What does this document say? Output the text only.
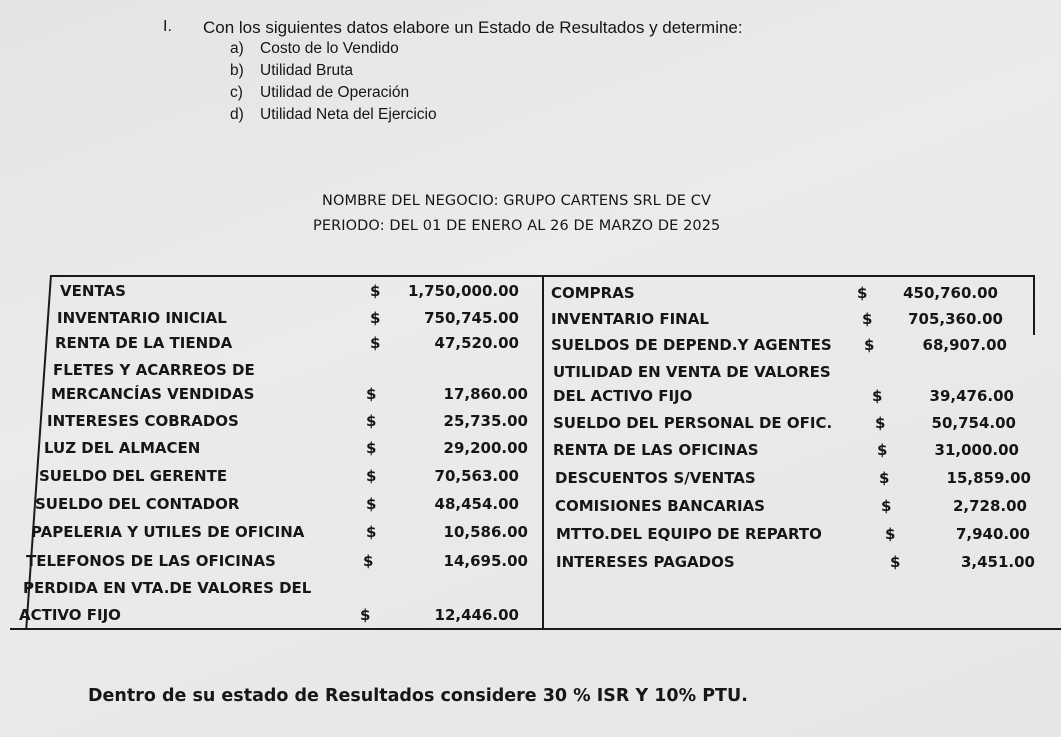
I. Con los siguientes datos elabore un Estado de Resultados y determine:
a) Costo de lo Vendido
b) Utilidad Bruta
c) Utilidad de Operación
d) Utilidad Neta del Ejercicio
NOMBRE DEL NEGOCIO: GRUPO CARTENS SRL DE CV
PERIODO: DEL 01 DE ENERO AL 26 DE MARZO DE 2025
VENTAS	$ 1,750,000.00
INVENTARIO INICIAL	$	750,745.00
RENTA DE LA TIENDA	$	47,520.00
FLETES Y ACARREOS DE
MERCANCÍAS VENDIDAS	$	17,860.00
INTERESES COBRADOS	$	25,735.00
LUZ DEL ALMACEN	$	29,200.00
SUELDO DEL GERENTE	$	70,563.00
SUELDO DEL CONTADOR	$	48,454.00
PAPELERIA Y UTILES DE OFICINA	$	10,586.00
TELEFONOS DE LAS OFICINAS	$	14,695.00
PERDIDA EN VTA.DE VALORES DEL
ACTIVO FIJO	$	12,446.00
COMPRAS	$ 450,760.00
INVENTARIO FINAL	$ 705,360.00
SUELDOS DE DEPEND.Y AGENTES $	68,907.00
UTILIDAD EN VENTA DE VALORES
DEL ACTIVO FIJO	$	39,476.00
SUELDO DEL PERSONAL DE OFIC.	$	50,754.00
RENTA DE LAS OFICINAS	$	31,000.00
DESCUENTOS S/VENTAS	$	15,859.00
COMISIONES BANCARIAS	$	2,728.00
MTTO.DEL EQUIPO DE REPARTO	$	7,940.00
INTERESES PAGADOS	$	3,451.00
Dentro de su estado de Resultados considere 30 % ISR Y 10% PTU.
